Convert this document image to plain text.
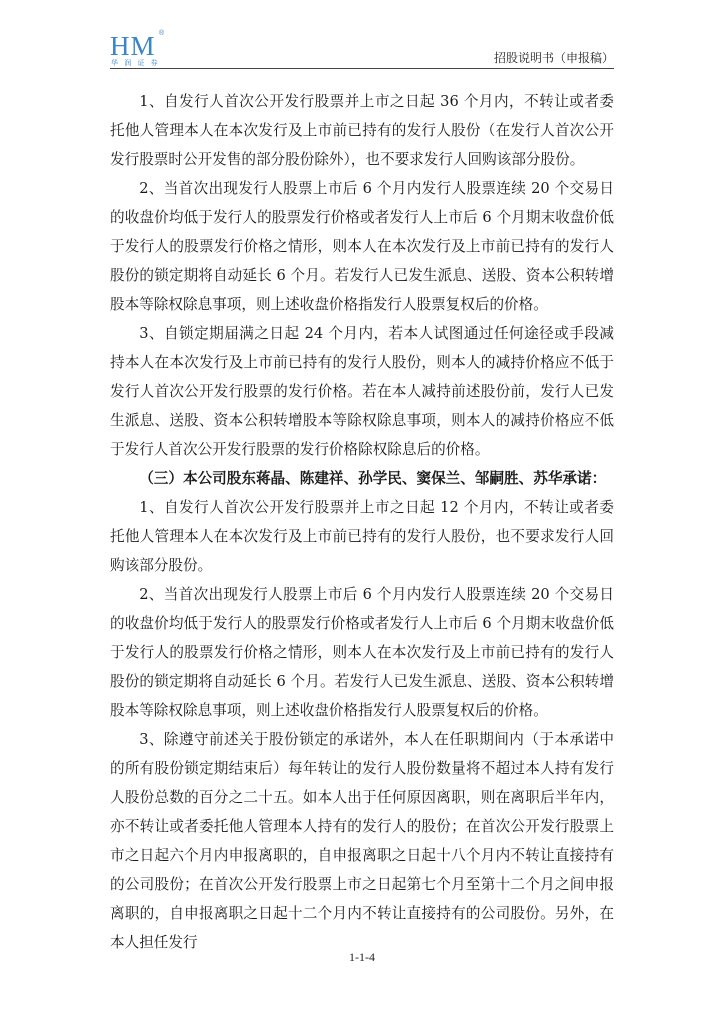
HM ®
华 润 证 券	招股说明书（申报稿）

1、自发行人首次公开发行股票并上市之日起 36 个月内，不转让或者委托他人管理本人在本次发行及上市前已持有的发行人股份（在发行人首次公开发行股票时公开发售的部分股份除外），也不要求发行人回购该部分股份。

2、当首次出现发行人股票上市后 6 个月内发行人股票连续 20 个交易日的收盘价均低于发行人的股票发行价格或者发行人上市后 6 个月期末收盘价低于发行人的股票发行价格之情形，则本人在本次发行及上市前已持有的发行人股份的锁定期将自动延长 6 个月。若发行人已发生派息、送股、资本公积转增股本等除权除息事项，则上述收盘价格指发行人股票复权后的价格。

3、自锁定期届满之日起 24 个月内，若本人试图通过任何途径或手段减持本人在本次发行及上市前已持有的发行人股份，则本人的减持价格应不低于发行人首次公开发行股票的发行价格。若在本人减持前述股份前，发行人已发生派息、送股、资本公积转增股本等除权除息事项，则本人的减持价格应不低于发行人首次公开发行股票的发行价格除权除息后的价格。

（三）本公司股东蒋晶、陈建祥、孙学民、窦保兰、邹嗣胜、苏华承诺：

1、自发行人首次公开发行股票并上市之日起 12 个月内，不转让或者委托他人管理本人在本次发行及上市前已持有的发行人股份，也不要求发行人回购该部分股份。

2、当首次出现发行人股票上市后 6 个月内发行人股票连续 20 个交易日的收盘价均低于发行人的股票发行价格或者发行人上市后 6 个月期末收盘价低于发行人的股票发行价格之情形，则本人在本次发行及上市前已持有的发行人股份的锁定期将自动延长 6 个月。若发行人已发生派息、送股、资本公积转增股本等除权除息事项，则上述收盘价格指发行人股票复权后的价格。

3、除遵守前述关于股份锁定的承诺外，本人在任职期间内（于本承诺中的所有股份锁定期结束后）每年转让的发行人股份数量将不超过本人持有发行人股份总数的百分之二十五。如本人出于任何原因离职，则在离职后半年内，亦不转让或者委托他人管理本人持有的发行人的股份；在首次公开发行股票上市之日起六个月内申报离职的，自申报离职之日起十八个月内不转让直接持有的公司股份；在首次公开发行股票上市之日起第七个月至第十二个月之间申报离职的，自申报离职之日起十二个月内不转让直接持有的公司股份。另外，在本人担任发行

1-1-4
